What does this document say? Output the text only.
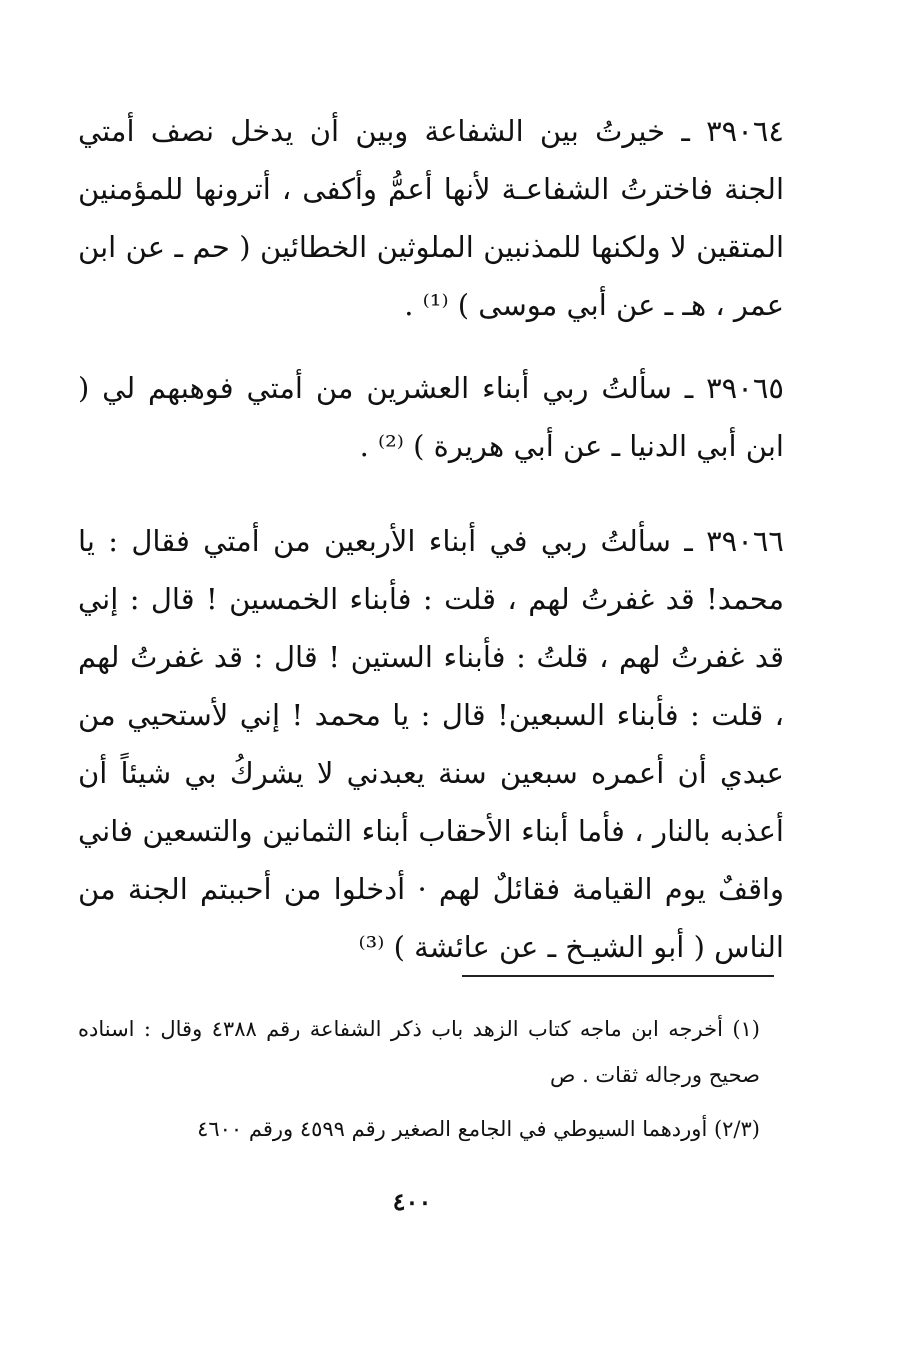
٣٩٠٦٤ ـ خيرتُ بين الشفاعة وبين أن يدخل نصف أمتي الجنة فاخترتُ الشفاعـة لأنها أعمُّ وأكفى ، أترونها للمؤمنين المتقين لا ولكنها للمذنبين الملوثين الخطائين ( حم ـ عن ابن عمر ، هـ ـ عن أبي موسى ) ⁽¹⁾ .

٣٩٠٦٥ ـ سألتُ ربي أبناء العشرين من أمتي فوهبهم لي ( ابن أبي الدنيا ـ عن أبي هريرة ) ⁽²⁾ .

٣٩٠٦٦ ـ سألتُ ربي في أبناء الأربعين من أمتي فقال : يا محمد! قد غفرتُ لهم ، قلت : فأبناء الخمسين ! قال : إني قد غفرتُ لهم ، قلتُ : فأبناء الستين ! قال : قد غفرتُ لهم ، قلت : فأبناء السبعين! قال : يا محمد ! إني لأستحيي من عبدي أن أعمره سبعين سنة يعبدني لا يشركُ بي شيئاً أن أعذبه بالنار ، فأما أبناء الأحقاب أبناء الثمانين والتسعين فاني واقفٌ يوم القيامة فقائلٌ لهم · أدخلوا من أحببتم الجنة من الناس ( أبو الشيـخ ـ عن عائشة ) ⁽³⁾

(١) أخرجه ابن ماجه كتاب الزهد باب ذكر الشفاعة رقم ٤٣٨٨ وقال : اسناده صحيح ورجاله ثقات . ص

(٢/٣) أوردهما السيوطي في الجامع الصغير رقم ٤٥٩٩ ورقم ٤٦٠٠

٤٠٠
